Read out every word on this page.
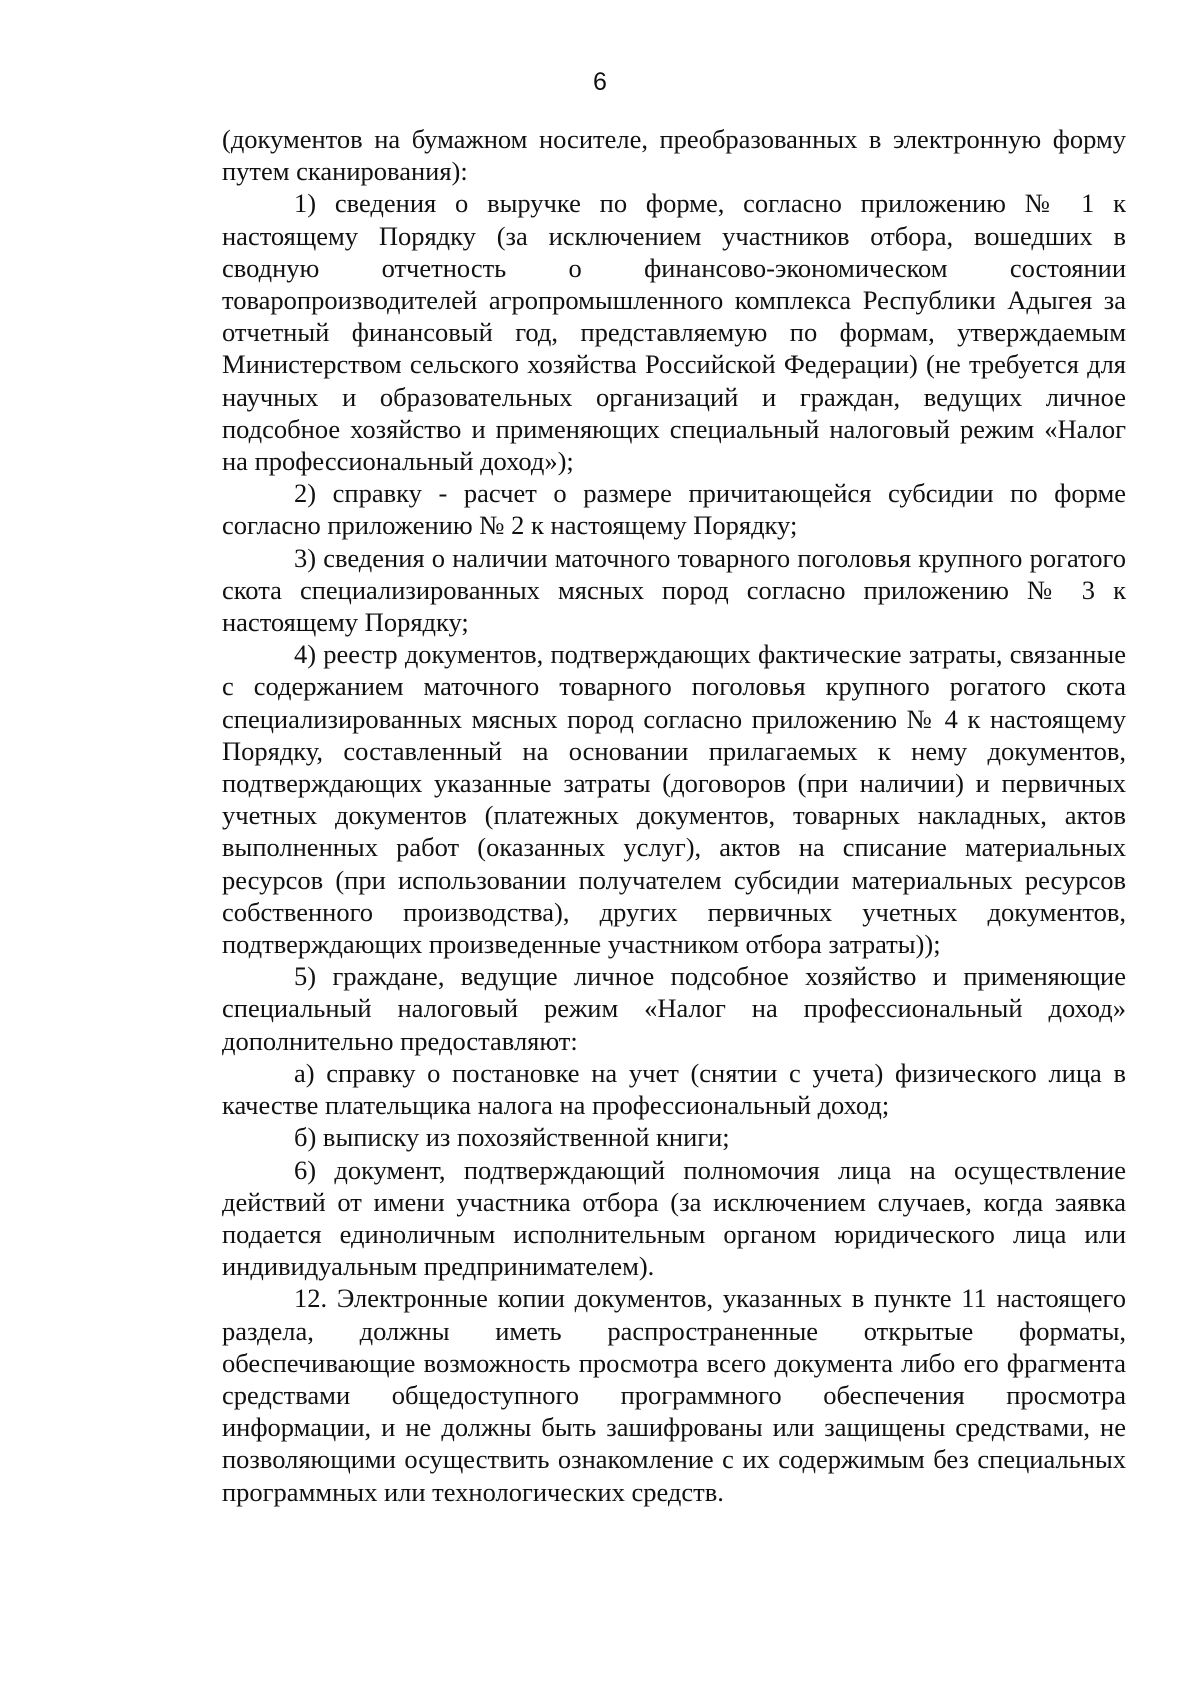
6

(документов на бумажном носителе, преобразованных в электронную форму путем сканирования):

1) сведения о выручке по форме, согласно приложению № 1 к настоящему Порядку (за исключением участников отбора, вошедших в сводную отчетность о финансово-экономическом состоянии товаропроизводителей агропромышленного комплекса Республики Адыгея за отчетный финансовый год, представляемую по формам, утверждаемым Министерством сельского хозяйства Российской Федерации) (не требуется для научных и образовательных организаций и граждан, ведущих личное подсобное хозяйство и применяющих специальный налоговый режим «Налог на профессиональный доход»);

2) справку - расчет о размере причитающейся субсидии по форме согласно приложению № 2 к настоящему Порядку;

3) сведения о наличии маточного товарного поголовья крупного рогатого скота специализированных мясных пород согласно приложению № 3 к настоящему Порядку;

4) реестр документов, подтверждающих фактические затраты, связанные с содержанием маточного товарного поголовья крупного рогатого скота специализированных мясных пород согласно приложению № 4 к настоящему Порядку, составленный на основании прилагаемых к нему документов, подтверждающих указанные затраты (договоров (при наличии) и первичных учетных документов (платежных документов, товарных накладных, актов выполненных работ (оказанных услуг), актов на списание материальных ресурсов (при использовании получателем субсидии материальных ресурсов собственного производства), других первичных учетных документов, подтверждающих произведенные участником отбора затраты));

5) граждане, ведущие личное подсобное хозяйство и применяющие специальный налоговый режим «Налог на профессиональный доход» дополнительно предоставляют:

а) справку о постановке на учет (снятии с учета) физического лица в качестве плательщика налога на профессиональный доход;

б) выписку из похозяйственной книги;

6) документ, подтверждающий полномочия лица на осуществление действий от имени участника отбора (за исключением случаев, когда заявка подается единоличным исполнительным органом юридического лица или индивидуальным предпринимателем).

12. Электронные копии документов, указанных в пункте 11 настоящего раздела, должны иметь распространенные открытые форматы, обеспечивающие возможность просмотра всего документа либо его фрагмента средствами общедоступного программного обеспечения просмотра информации, и не должны быть зашифрованы или защищены средствами, не позволяющими осуществить ознакомление с их содержимым без специальных программных или технологических средств.
